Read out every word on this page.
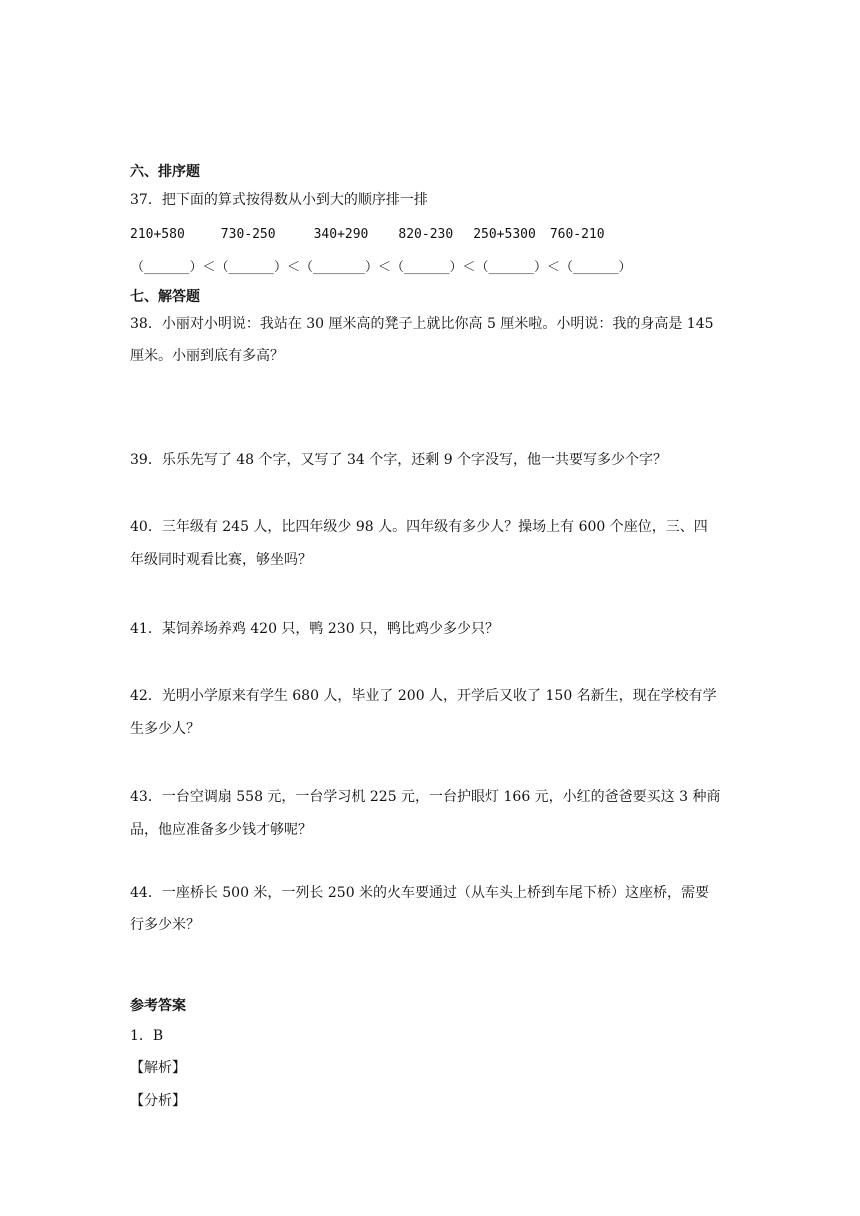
六、排序题
37．把下面的算式按得数从小到大的顺序排一排
210+580	730-250	340+290 820-230 250+5300 760-210
（_______）＜（_______）＜（________）＜（_______）＜（_______）＜（_______）
七、解答题
38．小丽对小明说：我站在 30 厘米高的凳子上就比你高 5 厘米啦。小明说：我的身高是 145
厘米。小丽到底有多高？
39．乐乐先写了 48 个字，又写了 34 个字，还剩 9 个字没写，他一共要写多少个字？
40．三年级有 245 人，比四年级少 98 人。四年级有多少人？操场上有 600 个座位，三、四
年级同时观看比赛，够坐吗？
41．某饲养场养鸡 420 只，鸭 230 只，鸭比鸡少多少只？
42．光明小学原来有学生 680 人，毕业了 200 人，开学后又收了 150 名新生，现在学校有学
生多少人？
43．一台空调扇 558 元，一台学习机 225 元，一台护眼灯 166 元，小红的爸爸要买这 3 种商
品，他应准备多少钱才够呢？
44．一座桥长 500 米，一列长 250 米的火车要通过（从车头上桥到车尾下桥）这座桥，需要
行多少米？
参考答案
1．B
【解析】
【分析】
